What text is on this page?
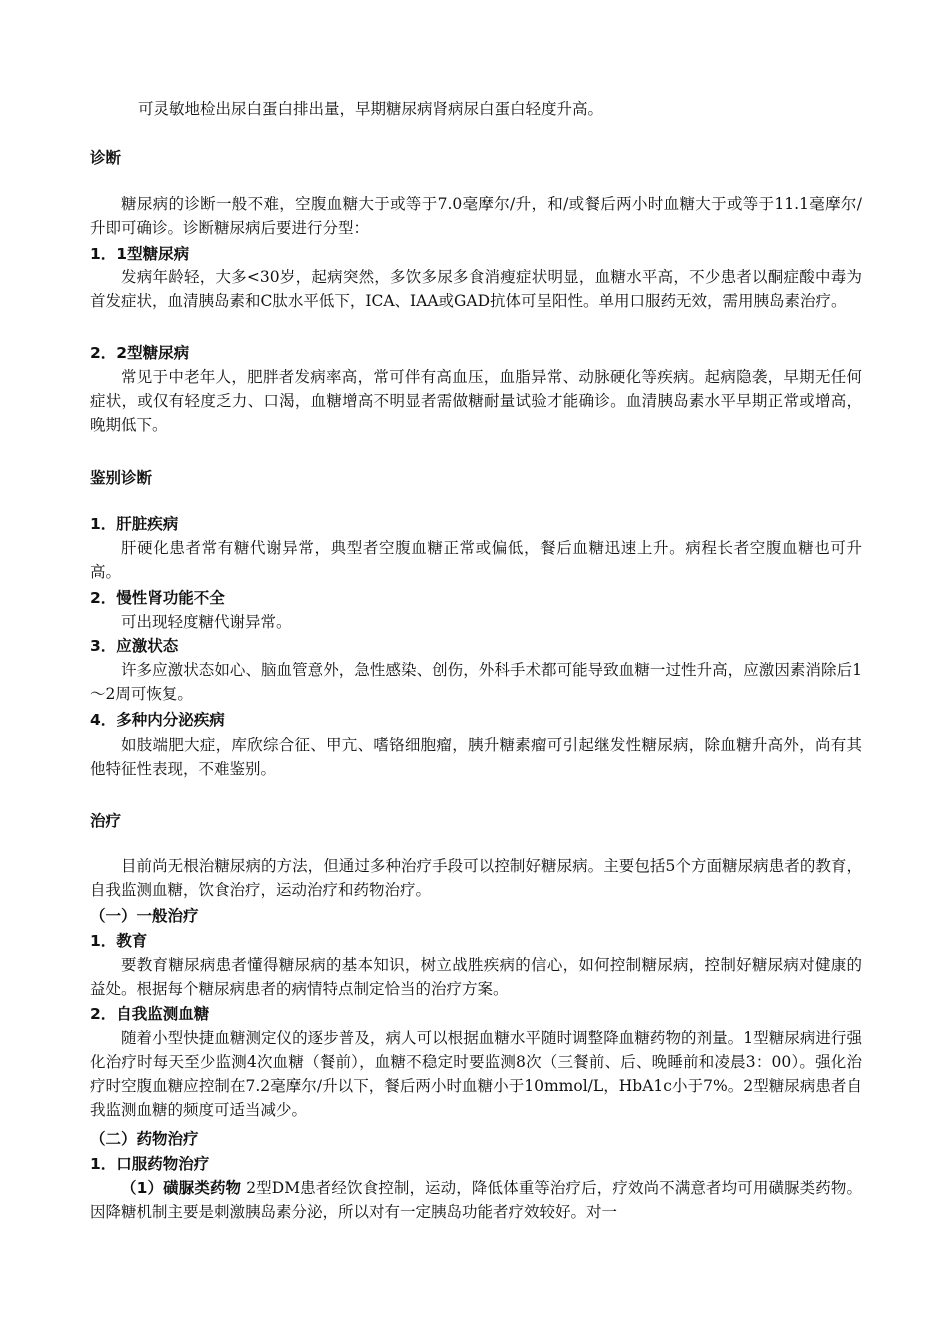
可灵敏地检出尿白蛋白排出量，早期糖尿病肾病尿白蛋白轻度升高。
诊断
糖尿病的诊断一般不难，空腹血糖大于或等于7.0毫摩尔/升，和/或餐后两小时血糖大于或等于11.1毫摩尔/升即可确诊。诊断糖尿病后要进行分型：
1．1型糖尿病
发病年龄轻，大多<30岁，起病突然，多饮多尿多食消瘦症状明显，血糖水平高，不少患者以酮症酸中毒为首发症状，血清胰岛素和C肽水平低下，ICA、IAA或GAD抗体可呈阳性。单用口服药无效，需用胰岛素治疗。
2．2型糖尿病
常见于中老年人，肥胖者发病率高，常可伴有高血压，血脂异常、动脉硬化等疾病。起病隐袭，早期无任何症状，或仅有轻度乏力、口渴，血糖增高不明显者需做糖耐量试验才能确诊。血清胰岛素水平早期正常或增高，晚期低下。
鉴别诊断
1．肝脏疾病
肝硬化患者常有糖代谢异常，典型者空腹血糖正常或偏低，餐后血糖迅速上升。病程长者空腹血糖也可升高。
2．慢性肾功能不全
可出现轻度糖代谢异常。
3．应激状态
许多应激状态如心、脑血管意外，急性感染、创伤，外科手术都可能导致血糖一过性升高，应激因素消除后1～2周可恢复。
4．多种内分泌疾病
如肢端肥大症，库欣综合征、甲亢、嗜铬细胞瘤，胰升糖素瘤可引起继发性糖尿病，除血糖升高外，尚有其他特征性表现，不难鉴别。
治疗
目前尚无根治糖尿病的方法，但通过多种治疗手段可以控制好糖尿病。主要包括5个方面糖尿病患者的教育，自我监测血糖，饮食治疗，运动治疗和药物治疗。
（一）一般治疗
1．教育
要教育糖尿病患者懂得糖尿病的基本知识，树立战胜疾病的信心，如何控制糖尿病，控制好糖尿病对健康的益处。根据每个糖尿病患者的病情特点制定恰当的治疗方案。
2．自我监测血糖
随着小型快捷血糖测定仪的逐步普及，病人可以根据血糖水平随时调整降血糖药物的剂量。1型糖尿病进行强化治疗时每天至少监测4次血糖（餐前），血糖不稳定时要监测8次（三餐前、后、晚睡前和凌晨3：00）。强化治疗时空腹血糖应控制在7.2毫摩尔/升以下，餐后两小时血糖小于10mmol/L，HbA1c小于7%。2型糖尿病患者自我监测血糖的频度可适当减少。
（二）药物治疗
1．口服药物治疗
（1）磺脲类药物 2型DM患者经饮食控制，运动，降低体重等治疗后，疗效尚不满意者均可用磺脲类药物。因降糖机制主要是刺激胰岛素分泌，所以对有一定胰岛功能者疗效较好。对一
